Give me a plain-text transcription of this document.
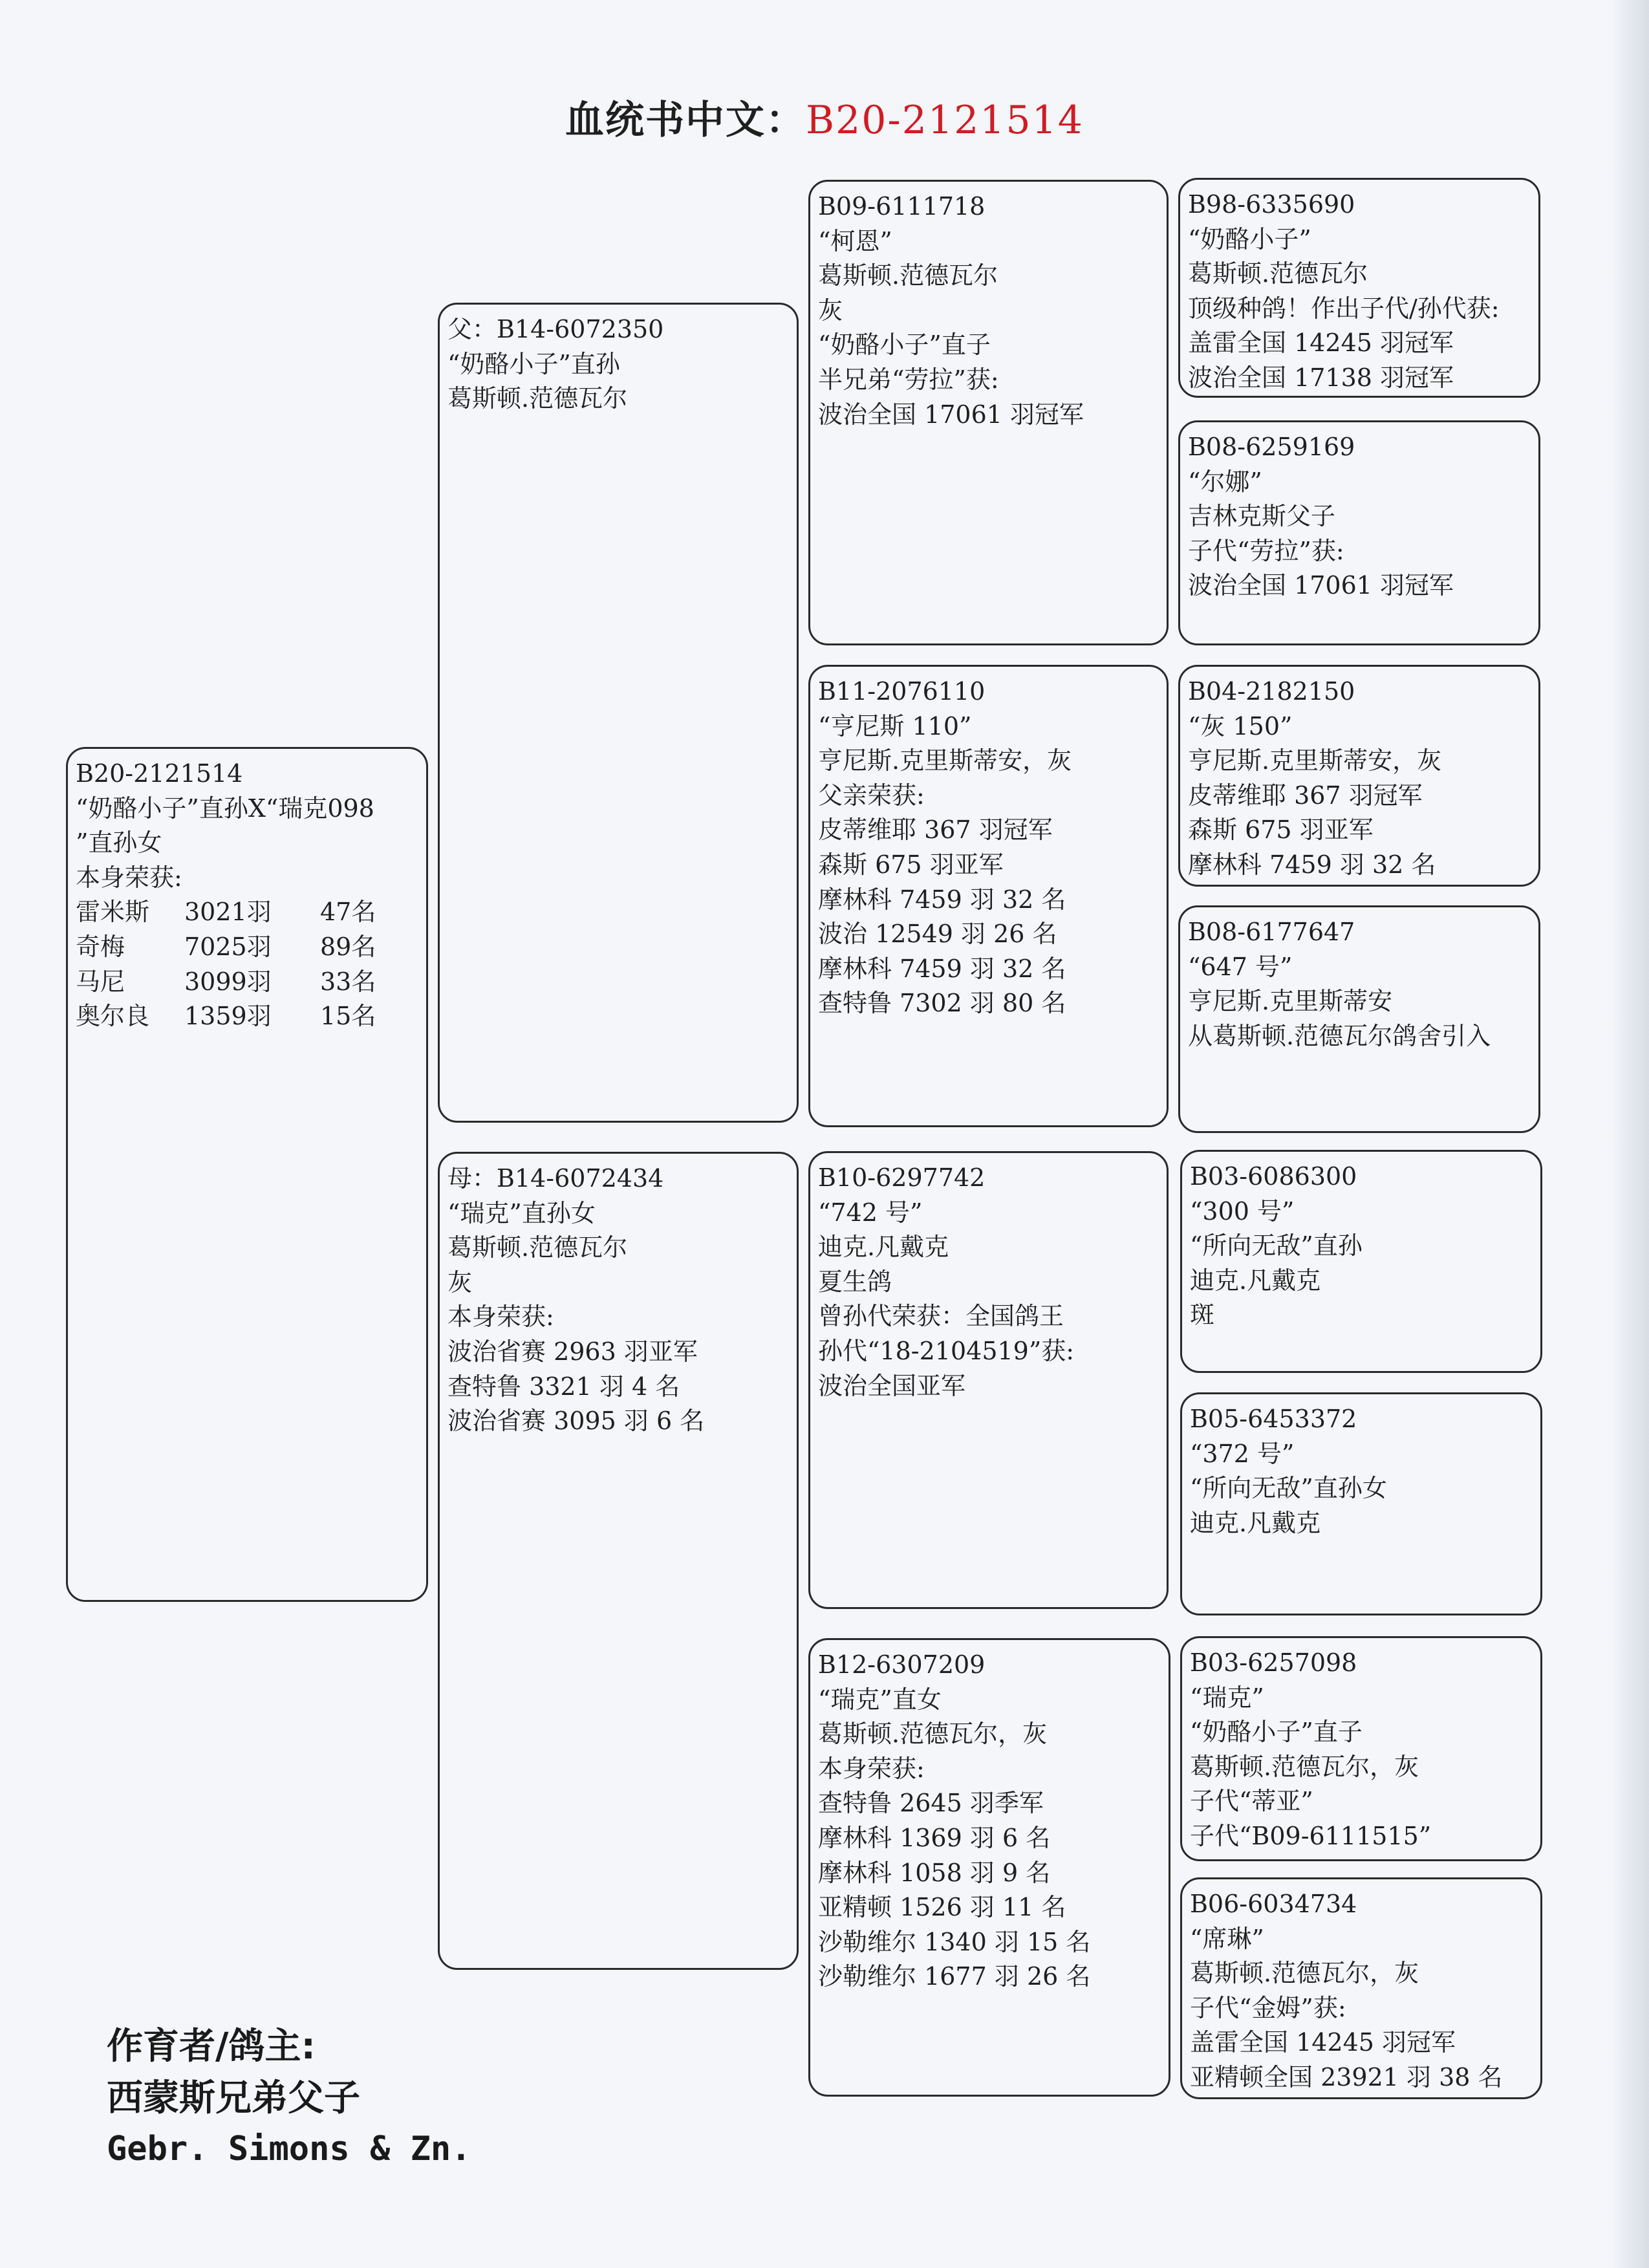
血统书中文：B20-2121514
B20-2121514
“奶酪小子”直孙X“瑞克098
”直孙女
本身荣获:
雷米斯	3021羽	47名
奇梅	7025羽	89名
马尼	3099羽	33名
奥尔良	1359羽	15名
父：B14-6072350
“奶酪小子”直孙
葛斯顿.范德瓦尔
母：B14-6072434
“瑞克”直孙女
葛斯顿.范德瓦尔
灰
本身荣获:
波治省赛 2963 羽亚军
查特鲁 3321 羽 4 名
波治省赛 3095 羽 6 名
B09-6111718
“柯恩”
葛斯顿.范德瓦尔
灰
“奶酪小子”直子
半兄弟“劳拉”获:
波治全国 17061 羽冠军
B11-2076110
“亨尼斯 110”
亨尼斯.克里斯蒂安，灰
父亲荣获:
皮蒂维耶 367 羽冠军
森斯 675 羽亚军
摩林科 7459 羽 32 名
波治 12549 羽 26 名
摩林科 7459 羽 32 名
查特鲁 7302 羽 80 名
B10-6297742
“742 号”
迪克.凡戴克
夏生鸽
曾孙代荣获：全国鸽王
孙代“18-2104519”获:
波治全国亚军
B12-6307209
“瑞克”直女
葛斯顿.范德瓦尔，灰
本身荣获:
查特鲁 2645 羽季军
摩林科 1369 羽 6 名
摩林科 1058 羽 9 名
亚精顿 1526 羽 11 名
沙勒维尔 1340 羽 15 名
沙勒维尔 1677 羽 26 名
B98-6335690
“奶酪小子”
葛斯顿.范德瓦尔
顶级种鸽！作出子代/孙代获:
盖雷全国 14245 羽冠军
波治全国 17138 羽冠军
B08-6259169
“尔娜”
吉林克斯父子
子代“劳拉”获:
波治全国 17061 羽冠军
B04-2182150
“灰 150”
亨尼斯.克里斯蒂安，灰
皮蒂维耶 367 羽冠军
森斯 675 羽亚军
摩林科 7459 羽 32 名
B08-6177647
“647 号”
亨尼斯.克里斯蒂安
从葛斯顿.范德瓦尔鸽舍引入
B03-6086300
“300 号”
“所向无敌”直孙
迪克.凡戴克
斑
B05-6453372
“372 号”
“所向无敌”直孙女
迪克.凡戴克
B03-6257098
“瑞克”
“奶酪小子”直子
葛斯顿.范德瓦尔，灰
子代“蒂亚”
子代“B09-6111515”
B06-6034734
“席琳”
葛斯顿.范德瓦尔，灰
子代“金姆”获:
盖雷全国 14245 羽冠军
亚精顿全国 23921 羽 38 名
作育者/鸽主:
西蒙斯兄弟父子
Gebr. Simons & Zn.
